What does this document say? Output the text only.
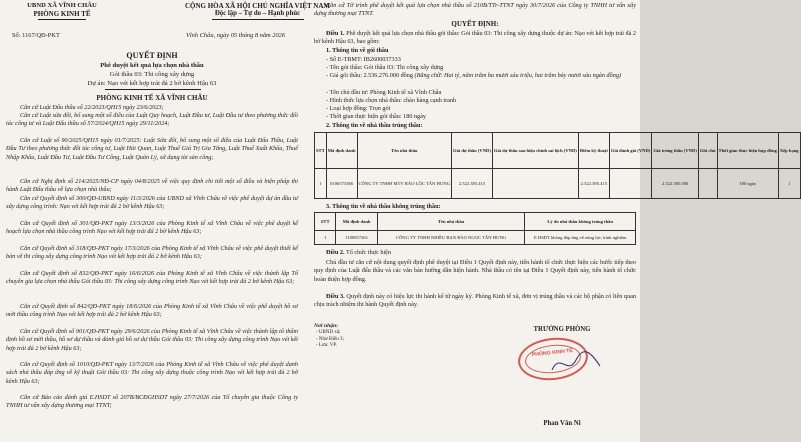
UBND XÃ VĨNH CHÂU
PHÒNG KINH TẾ
Số: 1167/QĐ-PKT
QUYẾT ĐỊNH
Phê duyệt kết quả lựa chọn nhà thầu
Gói thầu 03: Thi công xây dựng
Dự án: Nạo vét kết hợp trải đá 2 bờ kênh Hậu 63
PHÒNG KINH TẾ XÃ VĨNH CHÂU
Căn cứ Luật Đấu thầu số 22/2023/QH15 ngày 23/6/2023;
Căn cứ Luật sửa đổi, bổ sung một số điều của Luật Quy hoạch, Luật Đầu tư, Luật Đầu tư theo phương thức đối tác công tư và Luật Đấu thầu số 57/2024/QH15 ngày 29/11/2024;
Căn cứ Luật số 90/2025/QH15 ngày 01/7/2025: Luật Sửa đổi, bổ sung một số điều của Luật Đấu Thầu, Luật Đầu Tư theo phương thức đối tác công tư, Luật Hải Quan, Luật Thuế Giá Trị Gia Tăng, Luật Thuế Xuất Khẩu, Thuế Nhập Khẩu, Luật Đầu Tư, Luật Đầu Tư Công, Luật Quản Lý, sử dụng tài sản công;
Căn cứ Nghị định số 214/2025/NĐ-CP ngày 04/8/2025 về việc quy định chi tiết một số điều và biện pháp thi hành Luật Đấu thầu về lựa chọn nhà thầu;
Căn cứ Quyết định số 300/QĐ-UBND ngày 11/3/2026 của UBND xã Vĩnh Châu về việc phê duyệt dự án đầu tư xây dựng công trình: Nạo vét kết hợp trải đá 2 bờ kênh Hậu 63;
Căn cứ Quyết định số 301/QĐ-PKT ngày 13/3/2026 của Phòng Kinh tế xã Vĩnh Châu về việc phê duyệt kế hoạch lựa chọn nhà thầu công trình Nạo vét kết hợp trải đá 2 bờ kênh Hậu 63;
Căn cứ Quyết định số 318/QĐ-PKT ngày 17/3/2026 của Phòng Kinh tế xã Vĩnh Châu về việc phê duyệt thiết kế bản vẽ thi công xây dựng công trình Nạo vét kết hợp trải đá 2 bờ kênh Hậu 63;
Căn cứ Quyết định số 832/QĐ-PKT ngày 16/6/2026 của Phòng Kinh tế xã Vĩnh Châu về việc thành lập Tổ chuyên gia lựa chọn nhà thầu Gói thầu 03: Thi công xây dựng công trình Nạo vét kết hợp trải đá 2 bờ kênh Hậu 63;
Căn cứ Quyết định số 842/QĐ-PKT ngày 18/6/2026 của Phòng Kinh tế xã Vĩnh Châu về việc phê duyệt hồ sơ mời thầu công trình Nạo vét kết hợp trải đá 2 bờ kênh Hậu 63;
Căn cứ Quyết định số 901/QĐ-PKT ngày 29/6/2026 của Phòng Kinh tế xã Vĩnh Châu về việc thành lập tổ thẩm định hồ sơ mời thầu, hồ sơ dự thầu và đánh giá hồ sơ dự thầu Gói thầu 03: Thi công xây dựng công trình Nạo vét kết hợp trải đá 2 bờ kênh Hậu 63;
Căn cứ Quyết định số 1010/QĐ-PKT ngày 13/7/2026 của Phòng Kinh tế xã Vĩnh Châu về việc phê duyệt danh sách nhà thầu đáp ứng về kỹ thuật Gói thầu 03: Thi công xây dựng thuộc công trình Nạo vét kết hợp trải đá 2 bờ kênh Hậu 63;
Căn cứ Báo cáo đánh giá E.HSDT số 207B/BCĐGHSDT ngày 27/7/2026 của Tổ chuyên gia thuộc Công ty TNHH tư vấn xây dựng thương mại TTNT;
CỘNG HÒA XÃ HỘI CHỦ NGHĨA VIỆT NAM
Độc lập – Tự do – Hạnh phúc
Vĩnh Châu, ngày 05 tháng 8 năm 2026
Căn cứ Tờ trình phê duyệt kết quả lựa chọn nhà thầu số 210B/TTr-TTNT ngày 30/7/2026 của Công ty TNHH tư vấn xây dựng thương mại TTNT.
QUYẾT ĐỊNH:
Điều 1. Phê duyệt kết quả lựa chọn nhà thầu gói thầu: Gói thầu 03: Thi công xây dựng thuộc dự án: Nạo vét kết hợp trải đá 2 bờ kênh Hậu 63, bao gồm:
1. Thông tin về gói thầu
- Số E-TBMT: IB2600037333
- Tên gói thầu: Gói thầu 03: Thi công xây dựng
- Giá gói thầu: 2.536.276.000 đồng (Bằng chữ: Hai tỷ, năm trăm ba mươi sáu triệu, hai trăm bảy mươi sáu ngàn đồng)
- Tên chủ đầu tư: Phòng Kinh tế xã Vĩnh Châu
- Hình thức lựa chọn nhà thầu: chào hàng cạnh tranh
- Loại hợp đồng: Trọn gói
- Thời gian thực hiện gói thầu: 180 ngày
2. Thông tin về nhà thầu trúng thầu:
STT	Mã định danh	Tên nhà thầu	Giá dự thầu (VND)	Giá dự thầu sau hiệu chỉnh sai lệch (VND)	Điểm kỹ thuật	Giá đánh giá (VND)	Giá trúng thầu (VND)	Ghi chú	Thời gian thực hiện hợp đồng	Xếp hạng
1	0106573366	CÔNG TY TNHH MTV BẢO LỘC TÂN HƯNG	2.522.385.415		2.522.385.415		2.522.385.000		180 ngày	1
3. Thông tin về nhà thầu không trúng thầu:
STT	Mã định danh	Tên nhà thầu	Lý do nhà thầu không trúng thầu
1	1100857261	CÔNG TY TNHH NHIỀU BẠN BẢO NGỌC TÂN HƯNG	E.HSDT không đáp ứng về năng lực, kinh nghiệm
Điều 2. Tổ chức thực hiện
Chủ đầu tư căn cứ nội dung quyết định phê duyệt tại Điều 1 Quyết định này, tiến hành tổ chức thực hiện các bước tiếp theo quy định của Luật đấu thầu và các văn bản hướng dẫn hiện hành. Nhà thầu có tên tại Điều 1 Quyết định này, tiến hành tổ chức hoàn thiện hợp đồng.
Điều 3. Quyết định này có hiệu lực thi hành kể từ ngày ký. Phòng Kinh tế xã, đơn vị trúng thầu và các bộ phận có liên quan chịu trách nhiệm thi hành Quyết định này.
Nơi nhận:
- UBND xã;
- Như Điều 3;
- Lưu: VP.
TRƯỞNG PHÒNG
PHÒNG KINH TẾ
Phan Văn Ni
